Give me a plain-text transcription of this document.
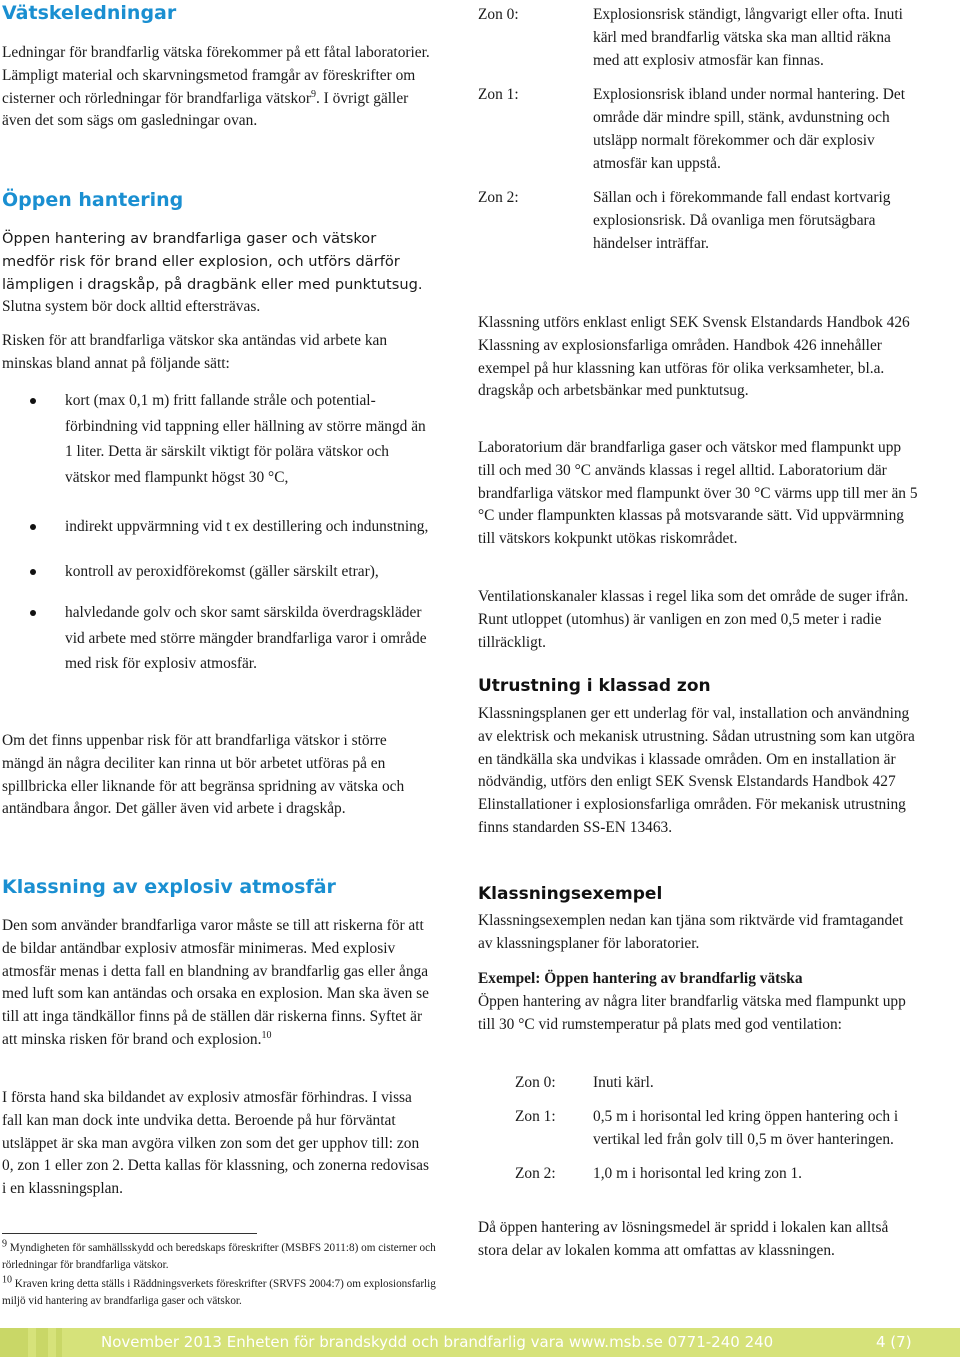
Vätskeledningar

Ledningar för brandfarlig vätska förekommer på ett fåtal laboratorier. Lämpligt material och skarvningsmetod framgår av föreskrifter om cisterner och rörledningar för brandfarliga vätskor$^9$. I övrigt gäller även det som sägs om gasledningar ovan.

Öppen hantering

Öppen hantering av brandfarliga gaser och vätskor medför risk för brand eller explosion, och utförs därför lämpligen i dragskåp, på dragbänk eller med punktutsug. Slutna system bör dock alltid eftersträvas.

Risken för att brandfarliga vätskor ska antändas vid arbete kan minskas bland annat på följande sätt:

kort (max 0,1 m) fritt fallande stråle och potential-förbindning vid tappning eller hällning av större mängd än 1 liter. Detta är särskilt viktigt för polära vätskor och vätskor med flampunkt högst 30 °C,
indirekt uppvärmning vid t ex destillering och indunstning,
kontroll av peroxidförekomst (gäller särskilt etrar),
halvledande golv och skor samt särskilda överdragskläder vid arbete med större mängder brandfarliga varor i område med risk för explosiv atmosfär.

Om det finns uppenbar risk för att brandfarliga vätskor i större mängd än några deciliter kan rinna ut bör arbetet utföras på en spillbricka eller liknande för att begränsa spridning av vätska och antändbara ångor. Det gäller även vid arbete i dragskåp.

Klassning av explosiv atmosfär

Den som använder brandfarliga varor måste se till att riskerna för att de bildar antändbar explosiv atmosfär minimeras. Med explosiv atmosfär menas i detta fall en blandning av brandfarlig gas eller ånga med luft som kan antändas och orsaka en explosion. Man ska även se till att inga tändkällor finns på de ställen där riskerna finns. Syftet är att minska risken för brand och explosion.$^{10}$

I första hand ska bildandet av explosiv atmosfär förhindras. I vissa fall kan man dock inte undvika detta. Beroende på hur förväntat utsläppet är ska man avgöra vilken zon som det ger upphov till: zon 0, zon 1 eller zon 2. Detta kallas för klassning, och zonerna redovisas i en klassningsplan.

$^9$ Myndigheten för samhällsskydd och beredskaps föreskrifter (MSBFS 2011:8) om cisterner och rörledningar för brandfarliga vätskor.

$^{10}$ Kraven kring detta ställs i Räddningsverkets föreskrifter (SRVFS 2004:7) om explosionsfarlig miljö vid hantering av brandfarliga gaser och vätskor.

Zon 0:	Explosionsrisk ständigt, långvarigt eller ofta. Inuti kärl med brandfarlig vätska ska man alltid räkna med att explosiv atmosfär kan finnas.
Zon 1:	Explosionsrisk ibland under normal hantering. Det område där mindre spill, stänk, avdunstning och utsläpp normalt förekommer och där explosiv atmosfär kan uppstå.
Zon 2:	Sällan och i förekommande fall endast kortvarig explosionsrisk. Då ovanliga men förutsägbara händelser inträffar.

Klassning utförs enklast enligt SEK Svensk Elstandards Handbok 426 Klassning av explosionsfarliga områden. Handbok 426 innehåller exempel på hur klassning kan utföras för olika verksamheter, bl.a. dragskåp och arbetsbänkar med punktutsug.

Laboratorium där brandfarliga gaser och vätskor med flampunkt upp till och med 30 °C används klassas i regel alltid. Laboratorium där brandfarliga vätskor med flampunkt över 30 °C värms upp till mer än 5 °C under flampunkten klassas på motsvarande sätt. Vid uppvärmning till vätskors kokpunkt utökas riskområdet.

Ventilationskanaler klassas i regel lika som det område de suger ifrån. Runt utloppet (utomhus) är vanligen en zon med 0,5 meter i radie tillräckligt.

Utrustning i klassad zon

Klassningsplanen ger ett underlag för val, installation och användning av elektrisk och mekanisk utrustning. Sådan utrustning som kan utgöra en tändkälla ska undvikas i klassade områden. Om en installation är nödvändig, utförs den enligt SEK Svensk Elstandards Handbok 427 Elinstallationer i explosionsfarliga områden. För mekanisk utrustning finns standarden SS-EN 13463.

Klassningsexempel

Klassningsexemplen nedan kan tjäna som riktvärde vid framtagandet av klassningsplaner för laboratorier.

Exempel: Öppen hantering av brandfarlig vätska

Öppen hantering av några liter brandfarlig vätska med flampunkt upp till 30 °C vid rumstemperatur på plats med god ventilation:

Zon 0: Inuti kärl.
Zon 1: 0,5 m i horisontal led kring öppen hantering och i vertikal led från golv till 0,5 m över hanteringen.
Zon 2: 1,0 m i horisontal led kring zon 1.

Då öppen hantering av lösningsmedel är spridd i lokalen kan alltså stora delar av lokalen komma att omfattas av klassningen.

November 2013 Enheten för brandskydd och brandfarlig vara www.msb.se 0771-240 240	4 (7)
